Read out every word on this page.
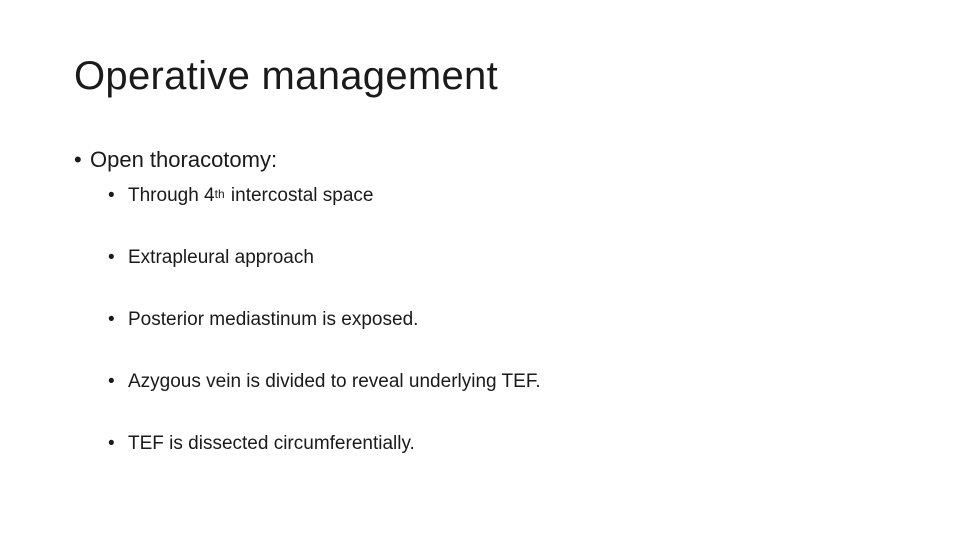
Operative management
• Open thoracotomy:
• Through 4th intercostal space
• Extrapleural approach
• Posterior mediastinum is exposed.
• Azygous vein is divided to reveal underlying TEF.
• TEF is dissected circumferentially.
